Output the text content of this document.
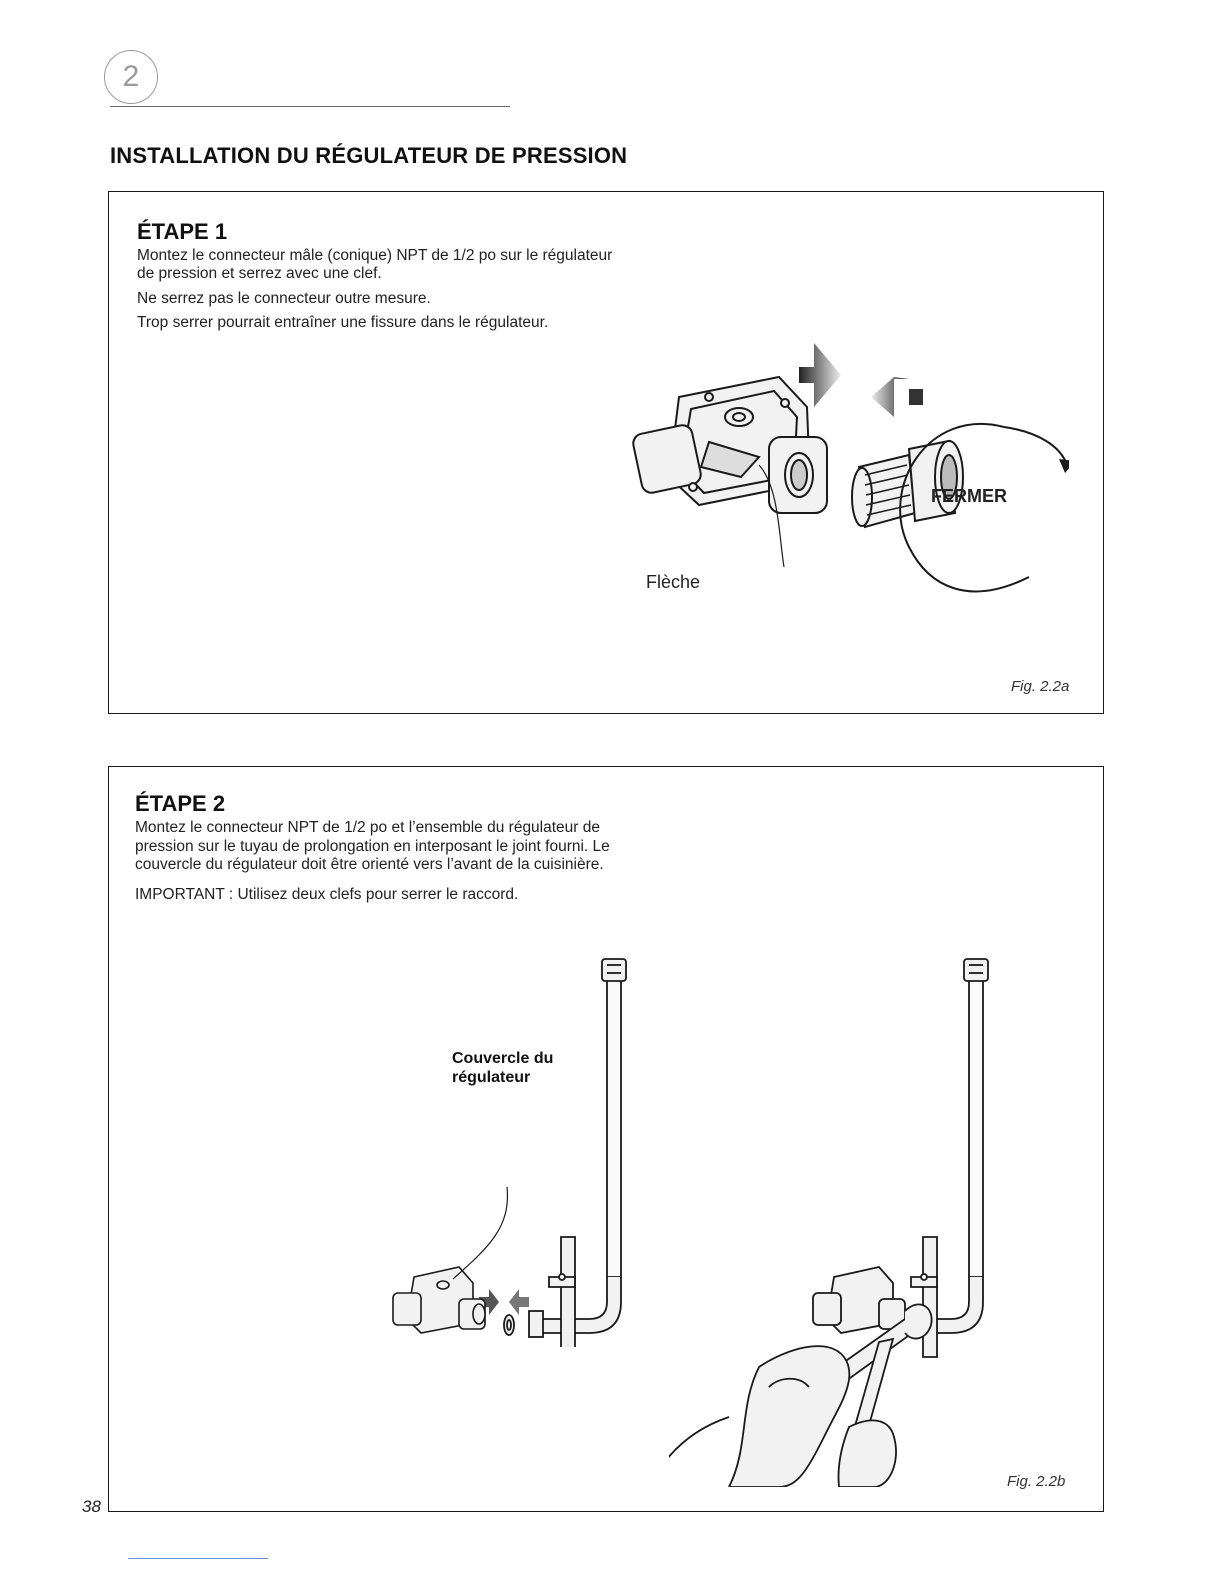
2
INSTALLATION DU RÉGULATEUR DE PRESSION
ÉTAPE 1

Montez le connecteur mâle (conique) NPT de 1/2 po sur le régulateur

de pression et serrez avec une clef.

Ne serrez pas le connecteur outre mesure.

Trop serrer pourrait entraîner une fissure dans le régulateur.

Flèche
FERMER
Fig. 2.2a
ÉTAPE 2

Montez le connecteur NPT de 1/2 po et l’ensemble du régulateur de

pression sur le tuyau de prolongation en interposant le joint fourni. Le

couvercle du régulateur doit être orienté vers l’avant de la cuisinière.

IMPORTANT : Utilisez deux clefs pour serrer le raccord.

Couvercle du
régulateur
Fig. 2.2b
38
